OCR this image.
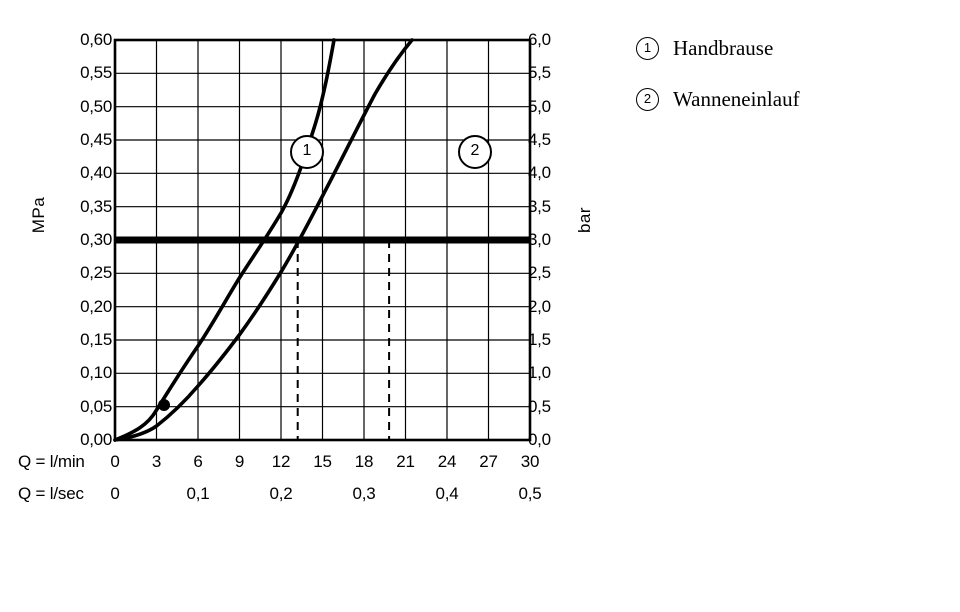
0,60
0,55
0,50
0,45
0,40
0,35
0,30
0,25
0,20
0,15
0,10
0,05
0,00
6,0
5,5
5,0
4,5
4,0
3,5
3,0
2,5
2,0
1,5
1,0
0,5
0,0
MPa	bar
Q = l/min	0	3	6	9	12	15	18	21	24	27	30
Q = l/sec	0	0,1	0,2	0,3	0,4	0,5
1	2
1	Handbrause
2	Wanneneinlauf
